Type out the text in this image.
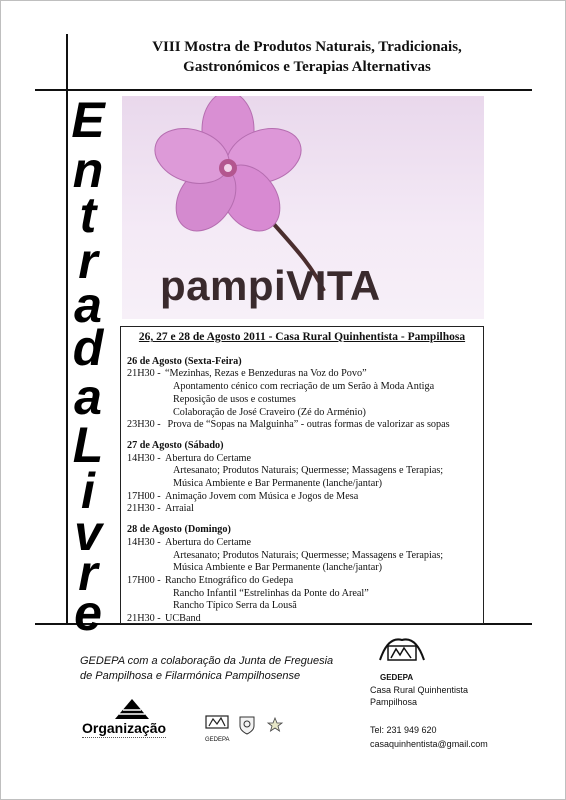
VIII Mostra de Produtos Naturais, Tradicionais,
Gastronómicos e Terapias Alternativas
E
n
t
r
a
d
a
L
i
v
r
e
pampiVITA
26, 27 e 28 de Agosto 2011 - Casa Rural Quinhentista - Pampilhosa
26 de Agosto (Sexta-Feira)
21H30 - “Mezinhas, Rezas e Benzeduras na Voz do Povo”
Apontamento cénico com recriação de um Serão à Moda Antiga
Reposição de usos e costumes
Colaboração de José Craveiro (Zé do Arménio)
23H30 - Prova de “Sopas na Malguinha” - outras formas de valorizar as sopas
27 de Agosto (Sábado)
14H30 - Abertura do Certame
Artesanato; Produtos Naturais; Quermesse; Massagens e Terapias;
Música Ambiente e Bar Permanente (lanche/jantar)
17H00 - Animação Jovem com Música e Jogos de Mesa
21H30 - Arraial
28 de Agosto (Domingo)
14H30 - Abertura do Certame
Artesanato; Produtos Naturais; Quermesse; Massagens e Terapias;
Música Ambiente e Bar Permanente (lanche/jantar)
17H00 - Rancho Etnográfico do Gedepa
Rancho Infantil “Estrelinhas da Ponte do Areal”
Rancho Típico Serra da Lousã
21H30 - UCBand
GEDEPA com a colaboração da Junta de Freguesia de Pampilhosa e Filarmónica Pampilhosense
Organização
GEDEPA
GEDEPA
Casa Rural Quinhentista
Pampilhosa
Tel: 231 949 620
casaquinhentista@gmail.com
